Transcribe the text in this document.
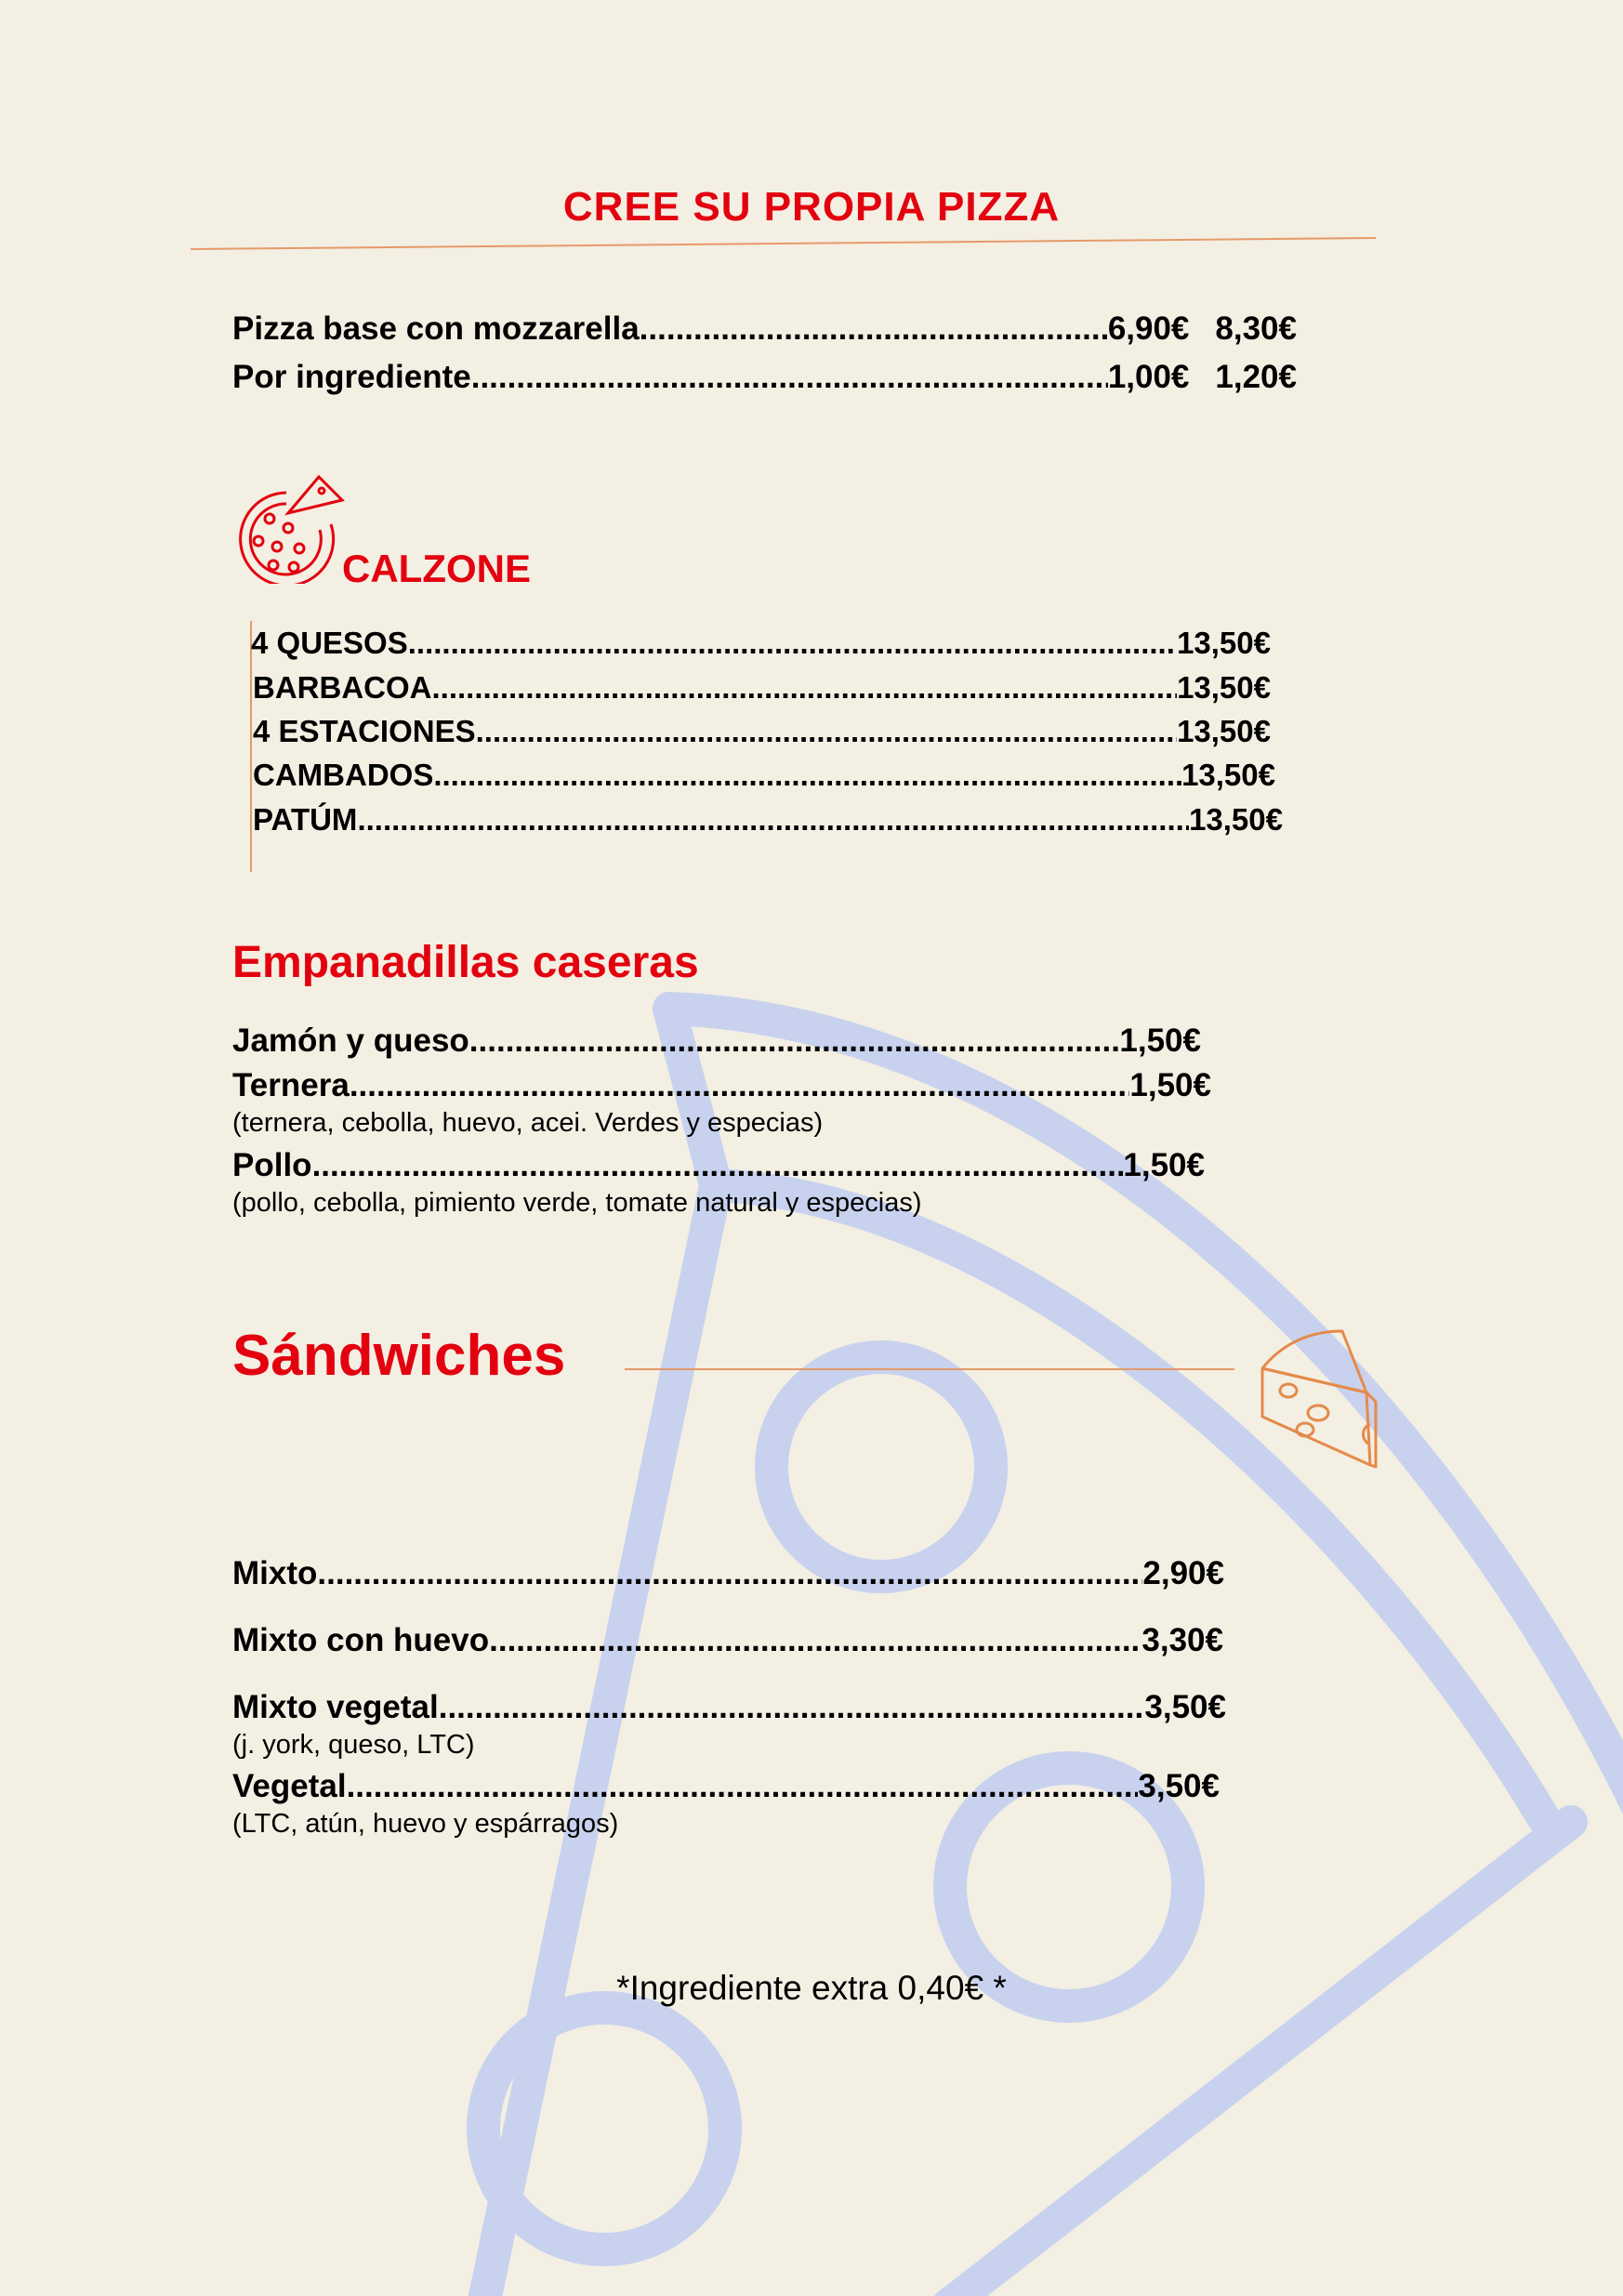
CREE SU PROPIA PIZZA
Pizza base con mozzarella .....	6,90€ 8,30€
Por ingrediente .....	1,00€ 1,20€
CALZONE
4 QUESOS .....	13,50€
BARBACOA .....	13,50€
4 ESTACIONES .....	13,50€
CAMBADOS .....	13,50€
PATÚM .....	13,50€
Empanadillas caseras
Jamón y queso .....	1,50€
Ternera .....	1,50€
(ternera, cebolla, huevo, acei. Verdes y especias)
Pollo .....	1,50€
(pollo, cebolla, pimiento verde, tomate natural y especias)
Sándwiches
Mixto .....	2,90€
Mixto con huevo .....	3,30€
Mixto vegetal .....	3,50€
(j. york, queso, LTC)
Vegetal .....	3,50€
(LTC, atún, huevo y espárragos)
*Ingrediente extra 0,40€ *
